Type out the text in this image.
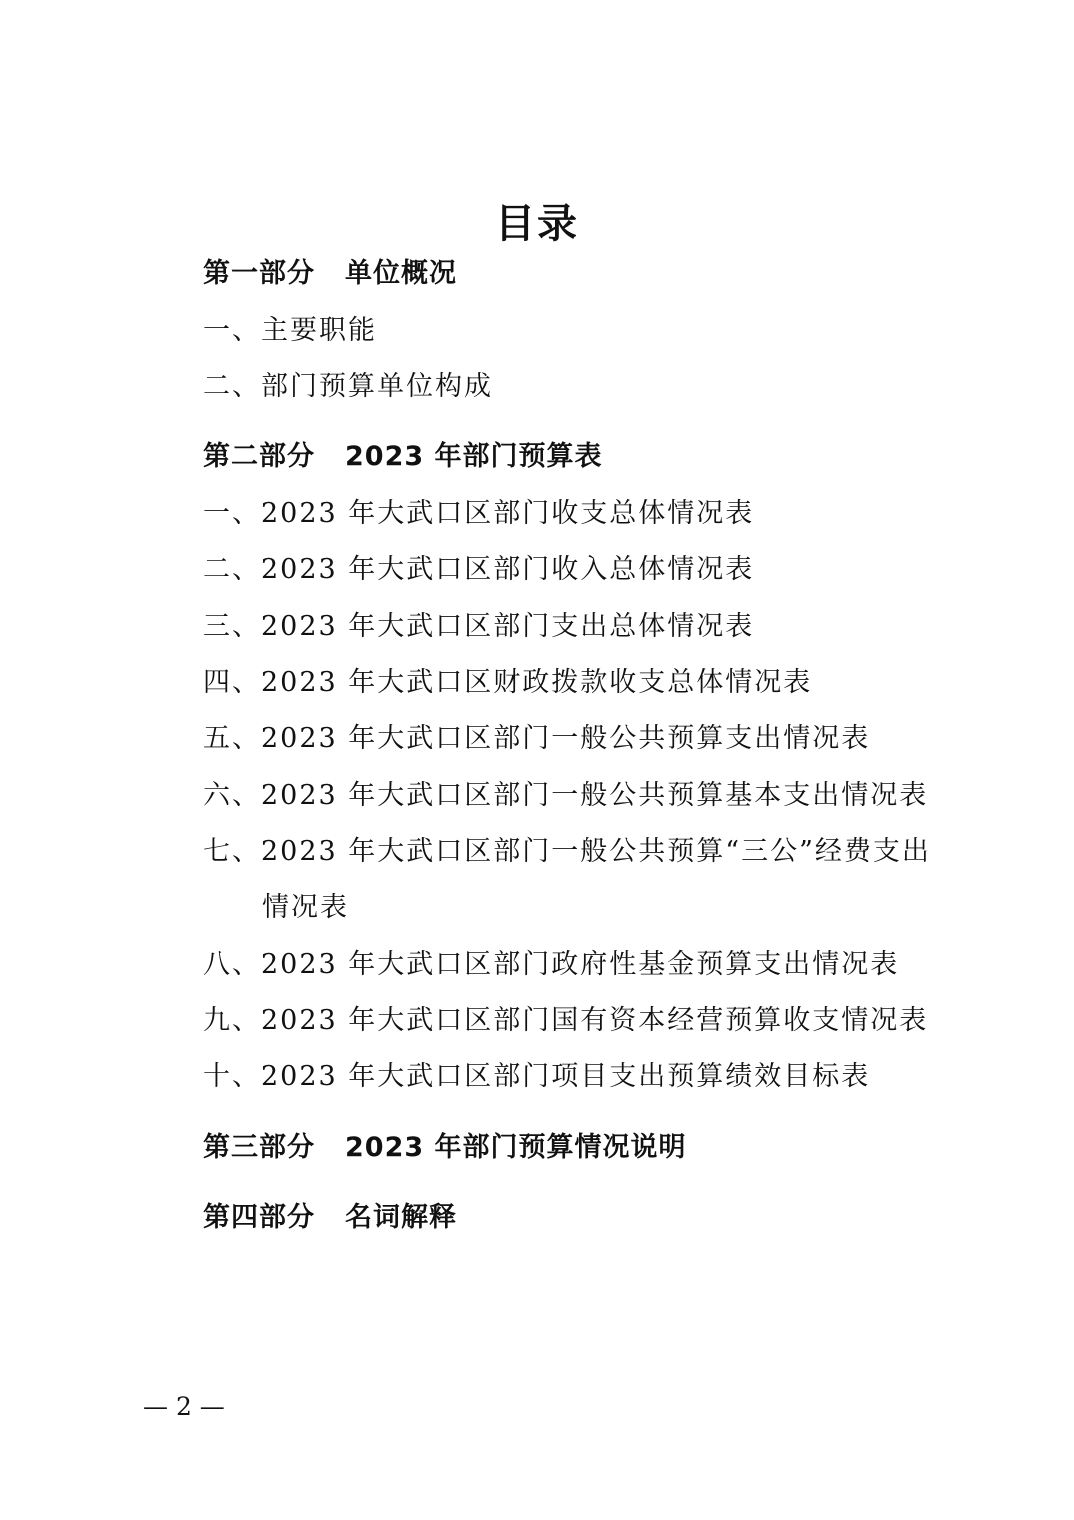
目录
第一部分 单位概况
一、主要职能
二、部门预算单位构成
第二部分 2023 年部门预算表
一、2023 年大武口区部门收支总体情况表
二、2023 年大武口区部门收入总体情况表
三、2023 年大武口区部门支出总体情况表
四、2023 年大武口区财政拨款收支总体情况表
五、2023 年大武口区部门一般公共预算支出情况表
六、2023 年大武口区部门一般公共预算基本支出情况表
七、2023 年大武口区部门一般公共预算“三公”经费支出
情况表
八、2023 年大武口区部门政府性基金预算支出情况表
九、2023 年大武口区部门国有资本经营预算收支情况表
十、2023 年大武口区部门项目支出预算绩效目标表
第三部分 2023 年部门预算情况说明
第四部分 名词解释
— 2 —
